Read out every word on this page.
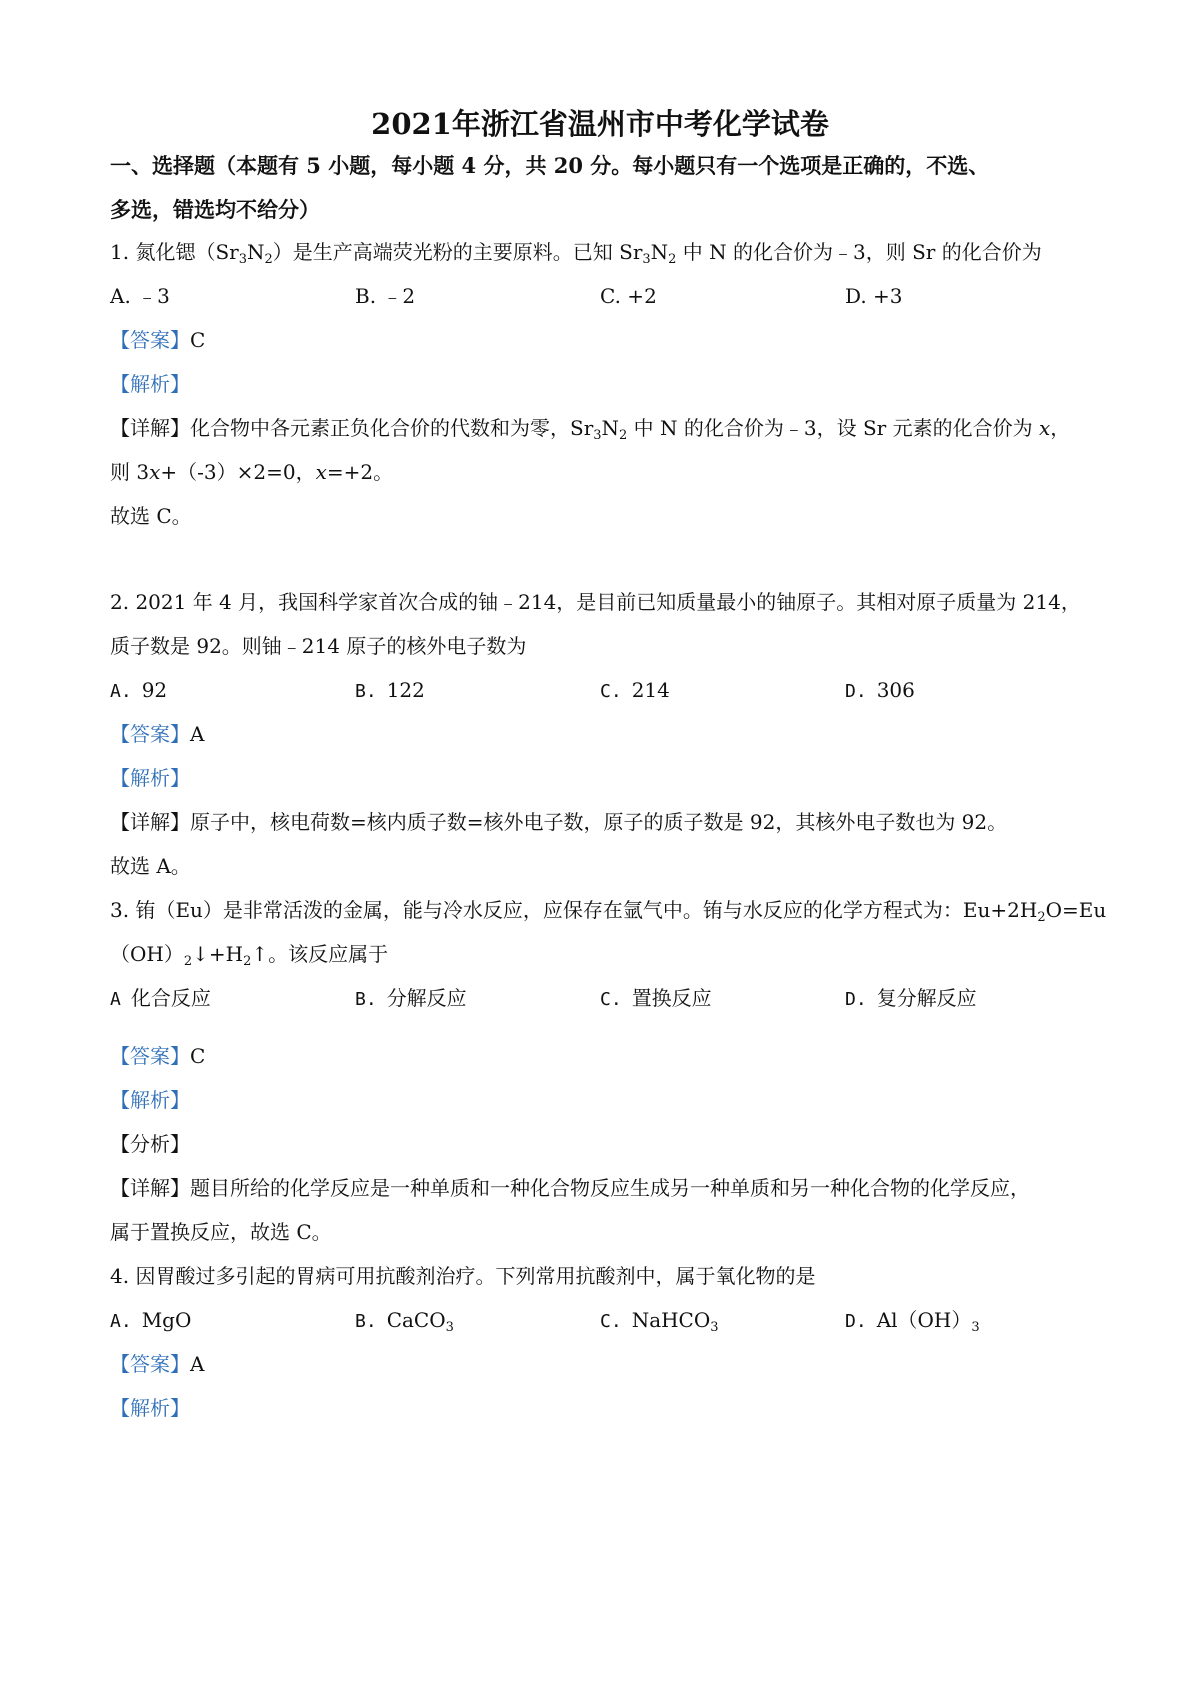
2021年浙江省温州市中考化学试卷
一、选择题（本题有 5 小题，每小题 4 分，共 20 分。每小题只有一个选项是正确的，不选、
多选，错选均不给分）
1. 氮化锶$(Sr_3N_2)$是生产高端荧光粉的主要原料。已知 $Sr_3N_2$ 中 N 的化合价为﹣3，则 Sr 的化合价为
A. ﹣3	B. ﹣2	C. +2	D. +3
【答案】C
【解析】
【详解】化合物中各元素正负化合价的代数和为零，$Sr_3N_2$ 中 N 的化合价为﹣3，设 Sr 元素的化合价为 x，
则 3x+（-3）×2=0，x=+2。
故选 C。
2. 2021 年 4 月，我国科学家首次合成的铀﹣214，是目前已知质量最小的铀原子。其相对原子质量为 214，
质子数是 92。则铀﹣214 原子的核外电子数为
A. 92	B. 122	C. 214	D. 306
【答案】A
【解析】
【详解】原子中，核电荷数=核内质子数=核外电子数，原子的质子数是 92，其核外电子数也为 92。
故选 A。
3. 铕（Eu）是非常活泼的金属，能与冷水反应，应保存在氩气中。铕与水反应的化学方程式为：$Eu+2H_2O=Eu$
$(OH)_2↓+H_2↑$。该反应属于
A 化合反应	B. 分解反应	C. 置换反应	D. 复分解反应
【答案】C
【解析】
【分析】
【详解】题目所给的化学反应是一种单质和一种化合物反应生成另一种单质和另一种化合物的化学反应，
属于置换反应，故选 C。
4. 因胃酸过多引起的胃病可用抗酸剂治疗。下列常用抗酸剂中，属于氧化物的是
A. MgO	B. CaCO$_3$	C. NaHCO$_3$	D. $Al(OH)_3$
【答案】A
【解析】
